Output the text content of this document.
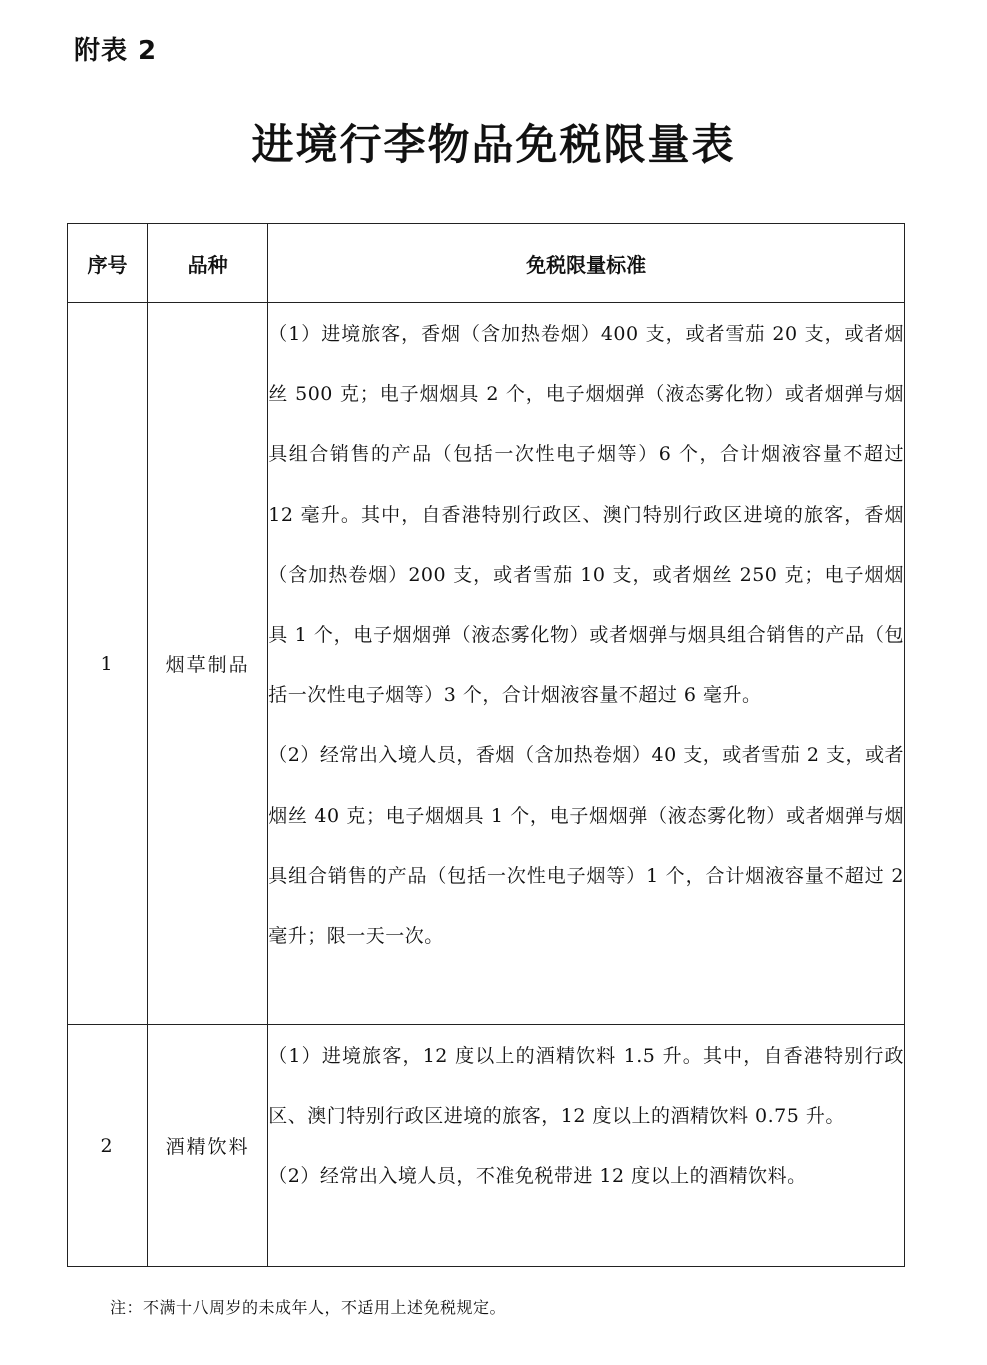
附表 2
进境行李物品免税限量表
序号	品种	免税限量标准
1	烟草制品	（1）进境旅客，香烟（含加热卷烟）400 支，或者雪茄 20 支，或者烟丝 500 克；电子烟烟具 2 个，电子烟烟弹（液态雾化物）或者烟弹与烟具组合销售的产品（包括一次性电子烟等）6 个，合计烟液容量不超过 12 毫升。其中，自香港特别行政区、澳门特别行政区进境的旅客，香烟（含加热卷烟）200 支，或者雪茄 10 支，或者烟丝 250 克；电子烟烟具 1 个，电子烟烟弹（液态雾化物）或者烟弹与烟具组合销售的产品（包括一次性电子烟等）3 个，合计烟液容量不超过 6 毫升。
（2）经常出入境人员，香烟（含加热卷烟）40 支，或者雪茄 2 支，或者烟丝 40 克；电子烟烟具 1 个，电子烟烟弹（液态雾化物）或者烟弹与烟具组合销售的产品（包括一次性电子烟等）1 个，合计烟液容量不超过 2 毫升；限一天一次。

2	酒精饮料	（1）进境旅客，12 度以上的酒精饮料 1.5 升。其中，自香港特别行政区、澳门特别行政区进境的旅客，12 度以上的酒精饮料 0.75 升。
（2）经常出入境人员，不准免税带进 12 度以上的酒精饮料。
注：不满十八周岁的未成年人，不适用上述免税规定。
